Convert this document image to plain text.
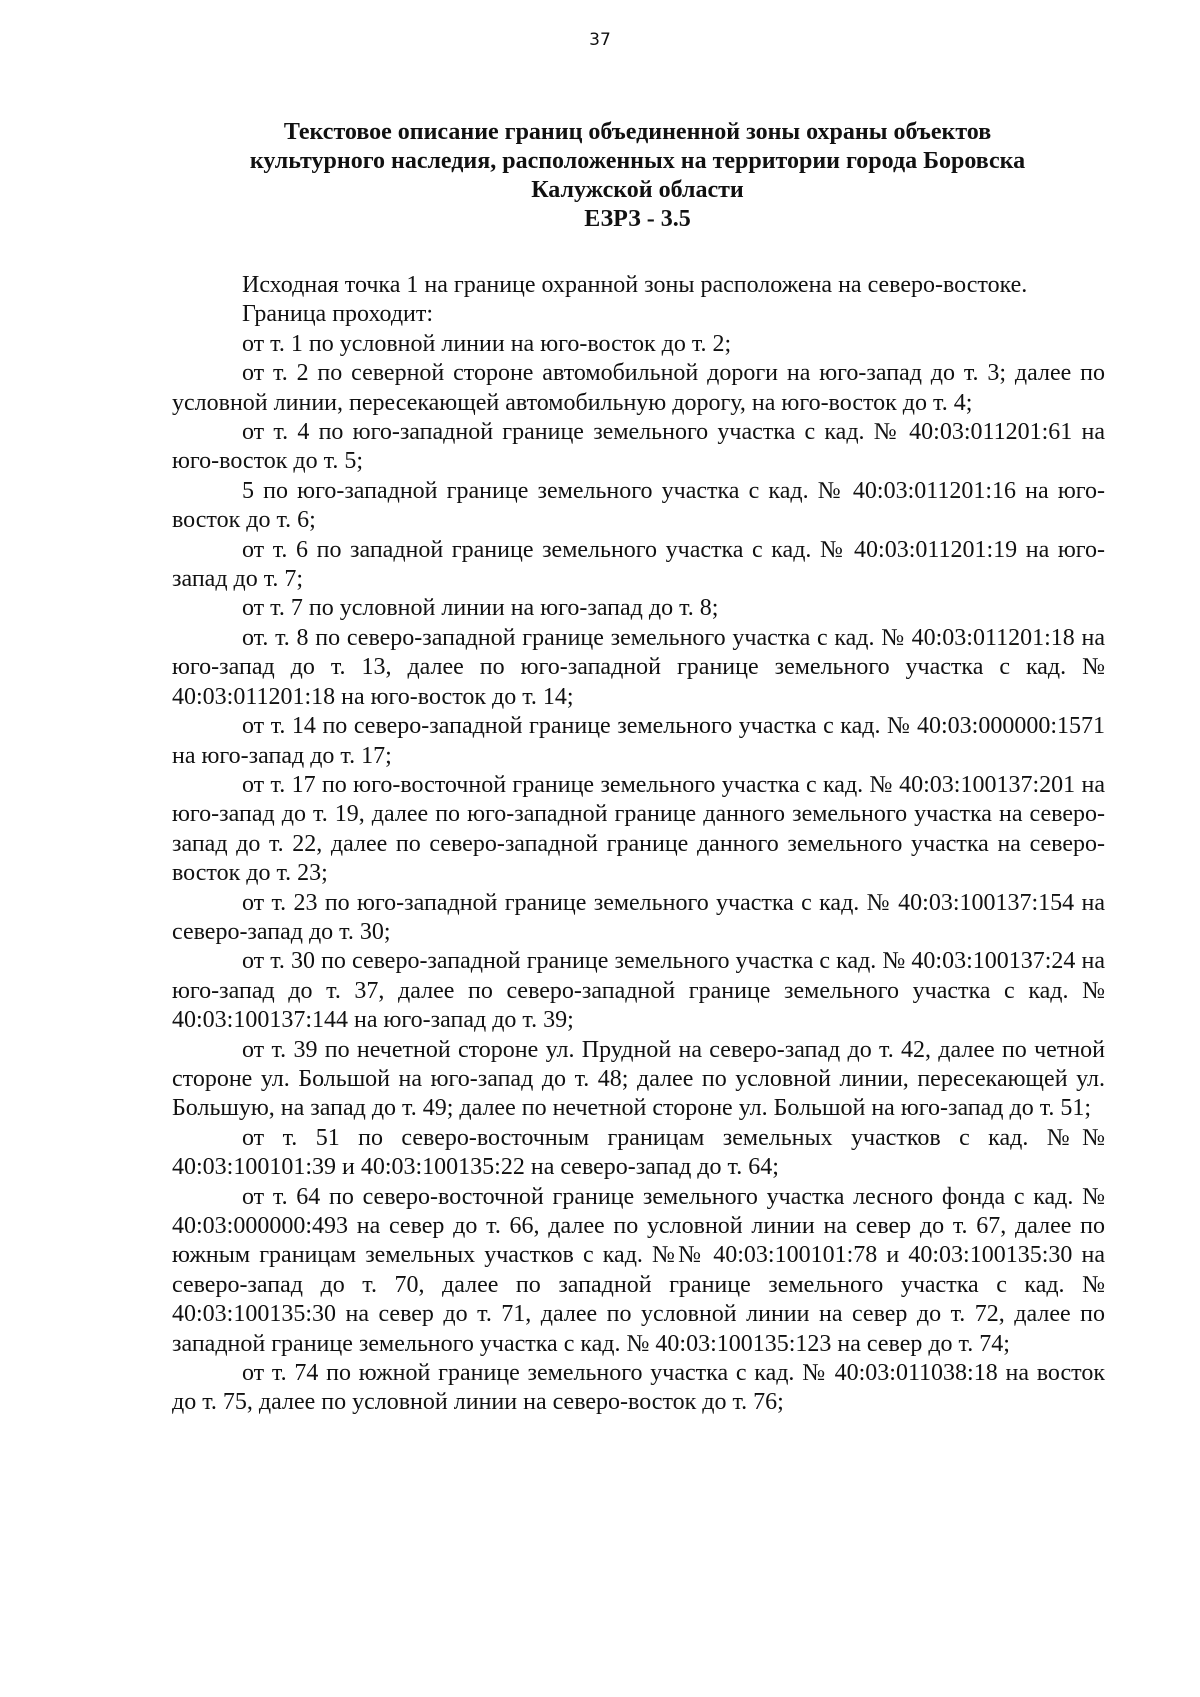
37
Текстовое описание границ объединенной зоны охраны объектов
культурного наследия, расположенных на территории города Боровска
Калужской области
ЕЗРЗ - 3.5

Исходная точка 1 на границе охранной зоны расположена на северо-востоке.

Граница проходит:

от т. 1 по условной линии на юго-восток до т. 2;

от т. 2 по северной стороне автомобильной дороги на юго-запад до т. 3; далее по условной линии, пересекающей автомобильную дорогу, на юго-восток до т. 4;

от т. 4 по юго-западной границе земельного участка с кад. № 40:03:011201:61 на юго-восток до т. 5;

5 по юго-западной границе земельного участка с кад. № 40:03:011201:16 на юго-восток до т. 6;

от т. 6 по западной границе земельного участка с кад. № 40:03:011201:19 на юго-запад до т. 7;

от т. 7 по условной линии на юго-запад до т. 8;

от. т. 8 по северо-западной границе земельного участка с кад. № 40:03:011201:18 на юго-запад до т. 13, далее по юго-западной границе земельного участка с кад. № 40:03:011201:18 на юго-восток до т. 14;

от т. 14 по северо-западной границе земельного участка с кад. № 40:03:000000:1571 на юго-запад до т. 17;

от т. 17 по юго-восточной границе земельного участка с кад. № 40:03:100137:201 на юго-запад до т. 19, далее по юго-западной границе данного земельного участка на северо-запад до т. 22, далее по северо-западной границе данного земельного участка на северо-восток до т. 23;

от т. 23 по юго-западной границе земельного участка с кад. № 40:03:100137:154 на северо-запад до т. 30;

от т. 30 по северо-западной границе земельного участка с кад. № 40:03:100137:24 на юго-запад до т. 37, далее по северо-западной границе земельного участка с кад. № 40:03:100137:144 на юго-запад до т. 39;

от т. 39 по нечетной стороне ул. Прудной на северо-запад до т. 42, далее по четной стороне ул. Большой на юго-запад до т. 48; далее по условной линии, пересекающей ул. Большую, на запад до т. 49; далее по нечетной стороне ул. Большой на юго-запад до т. 51;

от т. 51 по северо-восточным границам земельных участков с кад. №№ 40:03:100101:39 и 40:03:100135:22 на северо-запад до т. 64;

от т. 64 по северо-восточной границе земельного участка лесного фонда с кад. № 40:03:000000:493 на север до т. 66, далее по условной линии на север до т. 67, далее по южным границам земельных участков с кад. №№ 40:03:100101:78 и 40:03:100135:30 на северо-запад до т. 70, далее по западной границе земельного участка с кад. № 40:03:100135:30 на север до т. 71, далее по условной линии на север до т. 72, далее по западной границе земельного участка с кад. № 40:03:100135:123 на север до т. 74;

от т. 74 по южной границе земельного участка с кад. № 40:03:011038:18 на восток до т. 75, далее по условной линии на северо-восток до т. 76;
